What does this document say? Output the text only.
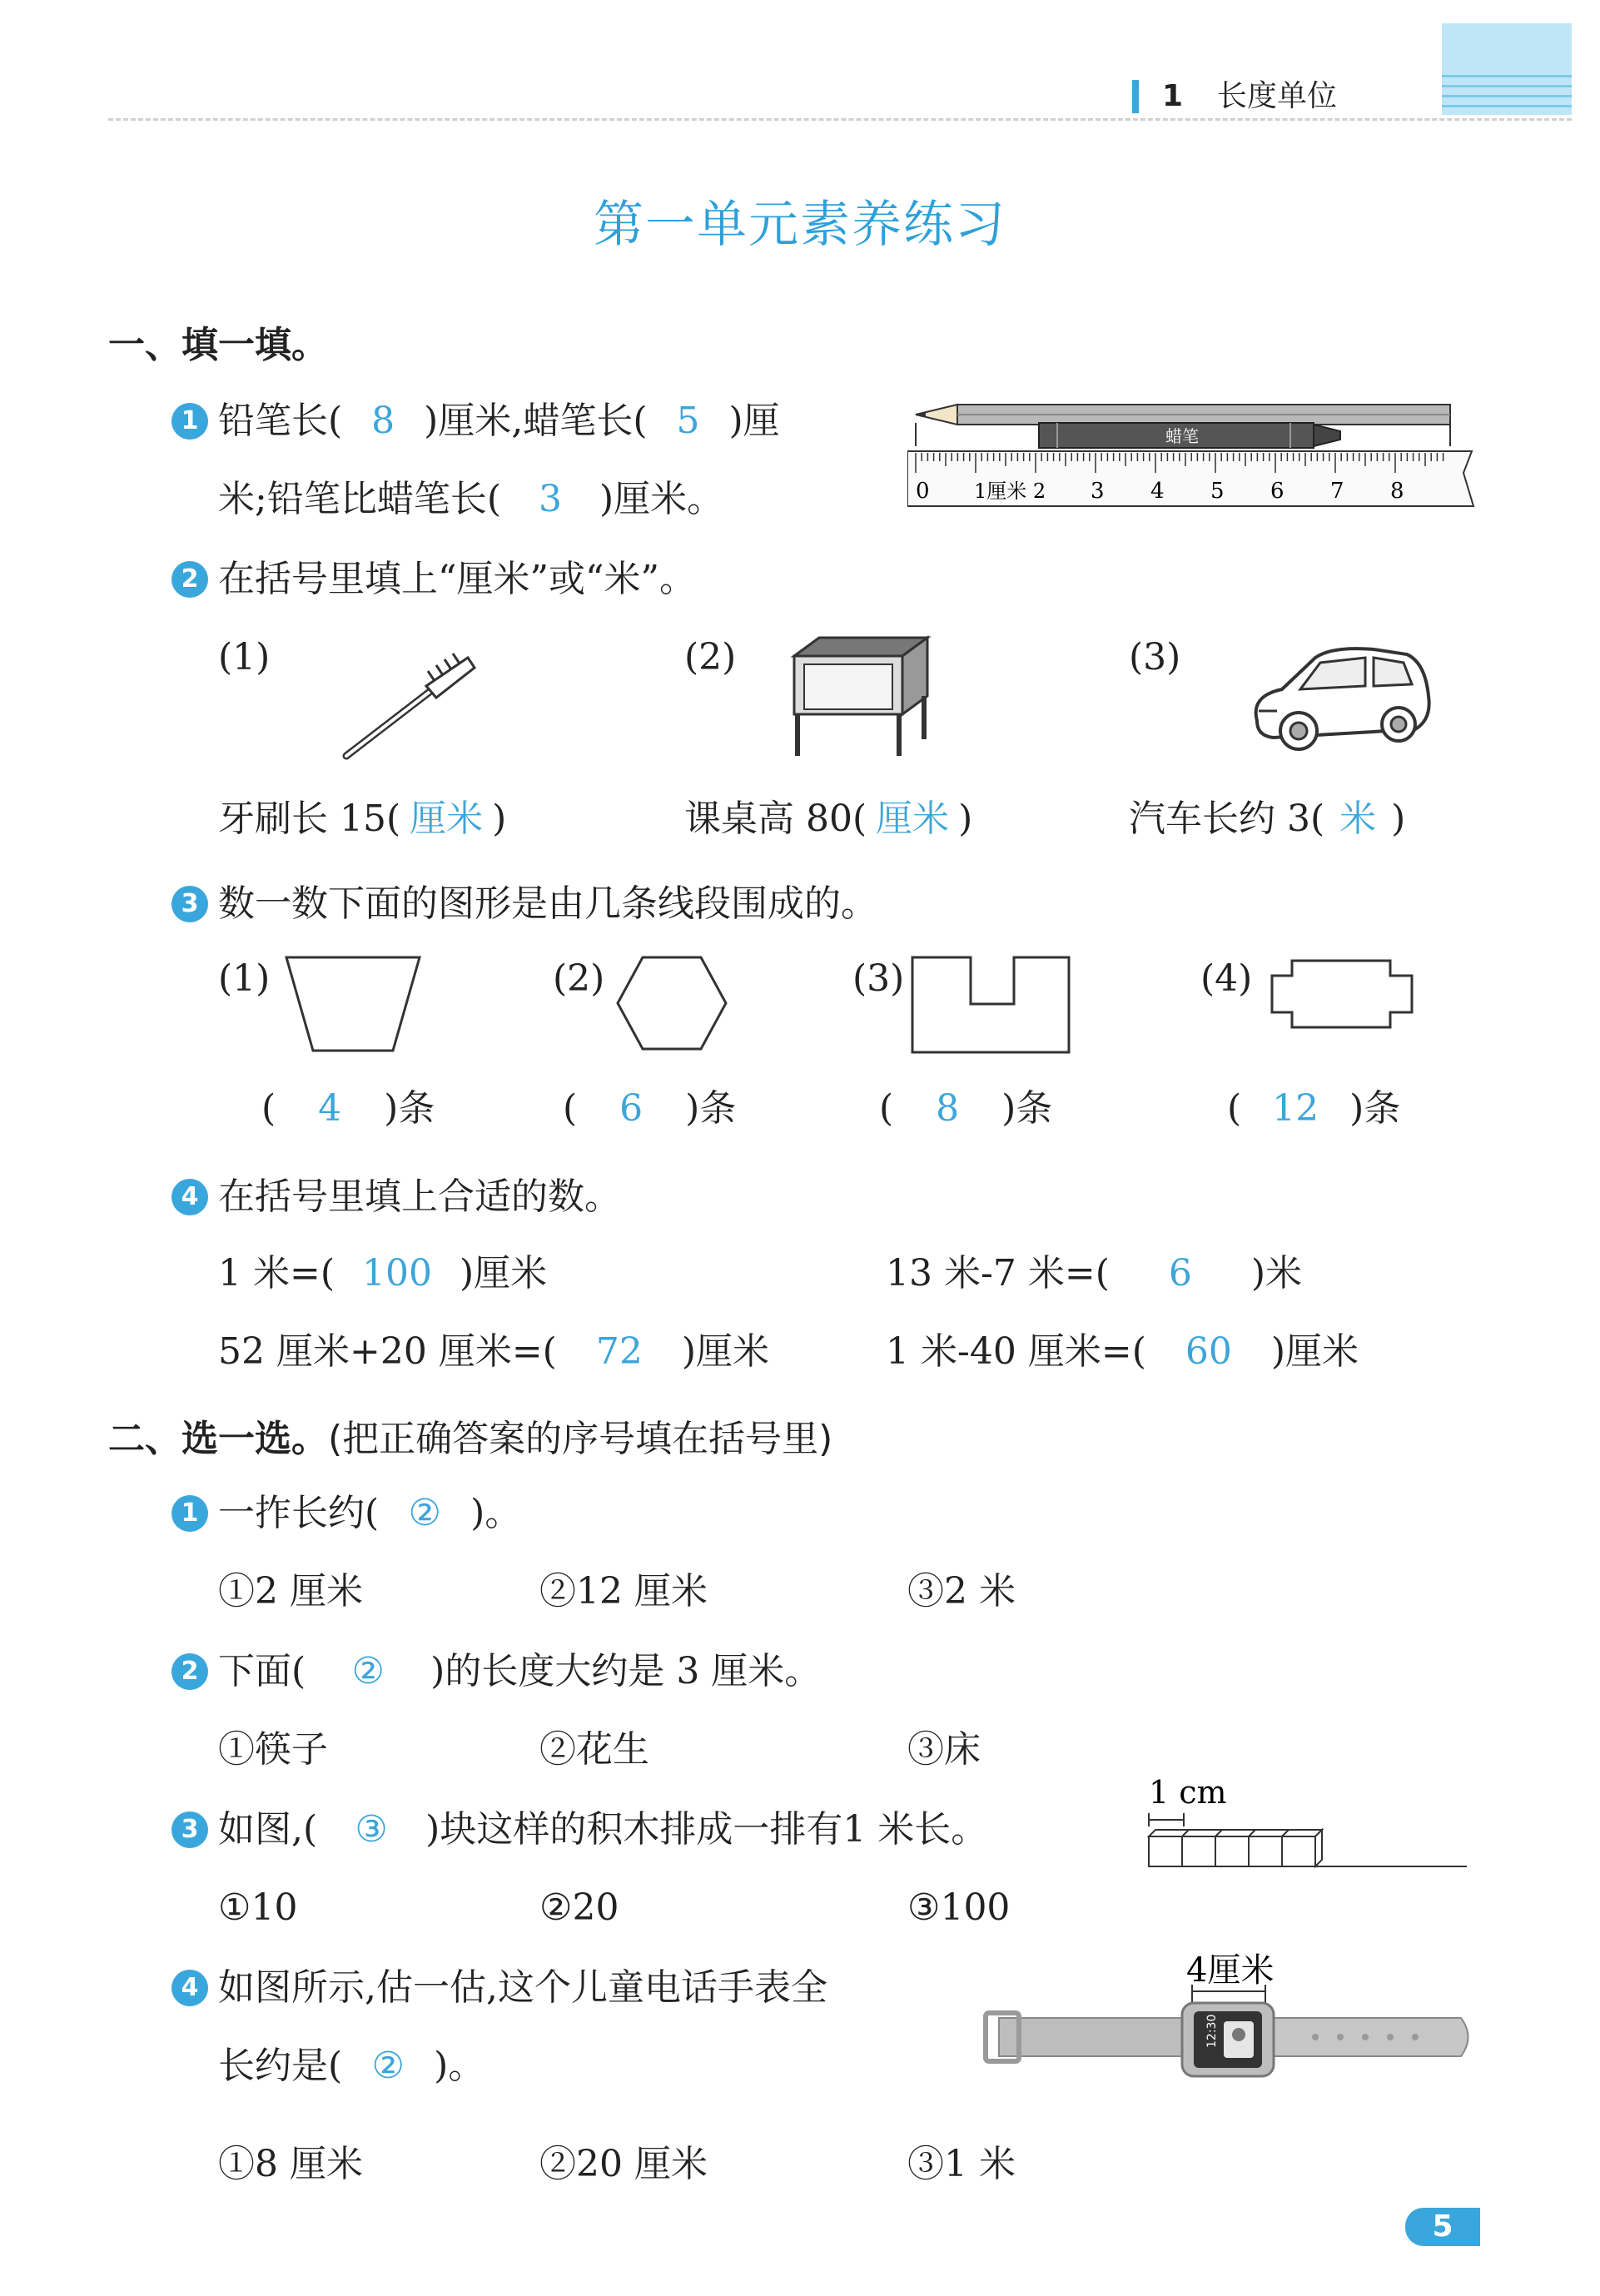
1 长度单位
第一单元素养练习
一、填一填。
1 铅笔长( 8 )厘米,蜡笔长( 5 )厘
米;铅笔比蜡笔长( 3 )厘米。
蜡笔
0 1厘米 2 3 4 5 6 7 8
2 在括号里填上“厘米”或“米”。
(1)	(2)	(3)
牙刷长 15( 厘米 )	课桌高 80( 厘米 )	汽车长约 3( 米 )
3 数一数下面的图形是由几条线段围成的。
(1)	(2)	(3)	(4)
( 4 )条	( 6 )条	( 8 )条	( 12 )条
4 在括号里填上合适的数。
1 米=( 100 )厘米	13 米-7 米=( 6 )米
52 厘米+20 厘米=( 72 )厘米	1 米-40 厘米=( 60 )厘米
二、选一选。(把正确答案的序号填在括号里)
1 一拃长约( ② )。
①2 厘米	②12 厘米	③2 米
2 下面( ② )的长度大约是 3 厘米。
①筷子	②花生	③床
3 如图,( ③ )块这样的积木排成一排有1 米长。
①10	②20	③100
1 cm
4 如图所示,估一估,这个儿童电话手表全
长约是( ② )。
①8 厘米	②20 厘米	③1 米
4厘米
12:30
5
